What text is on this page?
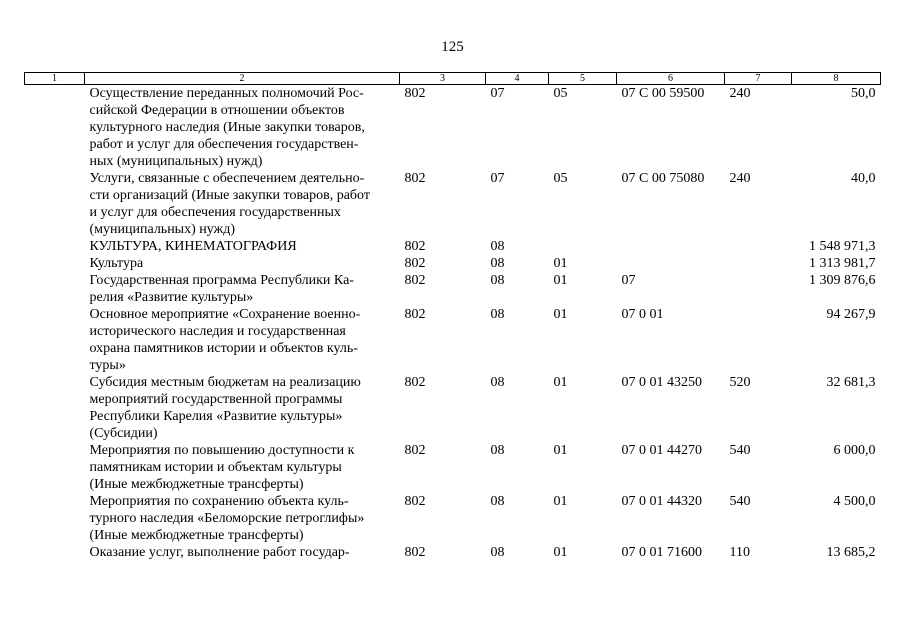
125
1	2	3	4	5	6	7	8

	Осуществление переданных полномочий Рос-
сийской Федерации в отношении объектов
культурного наследия (Иные закупки товаров,
работ и услуг для обеспечения государствен-
ных (муниципальных) нужд)	802	07	05	07 С 00 59500	240	50,0

	Услуги, связанные с обеспечением деятельно-
сти организаций (Иные закупки товаров, работ
и услуг для обеспечения государственных
(муниципальных) нужд)	802	07	05	07 С 00 75080	240	40,0

	КУЛЬТУРА, КИНЕМАТОГРАФИЯ	802	08				1 548 971,3

	Культура	802	08	01			1 313 981,7

	Государственная программа Республики Ка-
релия «Развитие культуры»	802	08	01	07		1 309 876,6

	Основное мероприятие «Сохранение военно-
исторического наследия и государственная
охрана памятников истории и объектов куль-
туры»	802	08	01	07 0 01		94 267,9

	Субсидия местным бюджетам на реализацию
мероприятий государственной программы
Республики Карелия «Развитие культуры»
(Субсидии)	802	08	01	07 0 01 43250	520	32 681,3

	Мероприятия по повышению доступности к
памятникам истории и объектам культуры
(Иные межбюджетные трансферты)	802	08	01	07 0 01 44270	540	6 000,0

	Мероприятия по сохранению объекта куль-
турного наследия «Беломорские петроглифы»
(Иные межбюджетные трансферты)	802	08	01	07 0 01 44320	540	4 500,0

	Оказание услуг, выполнение работ государ-	802	08	01	07 0 01 71600	110	13 685,2
